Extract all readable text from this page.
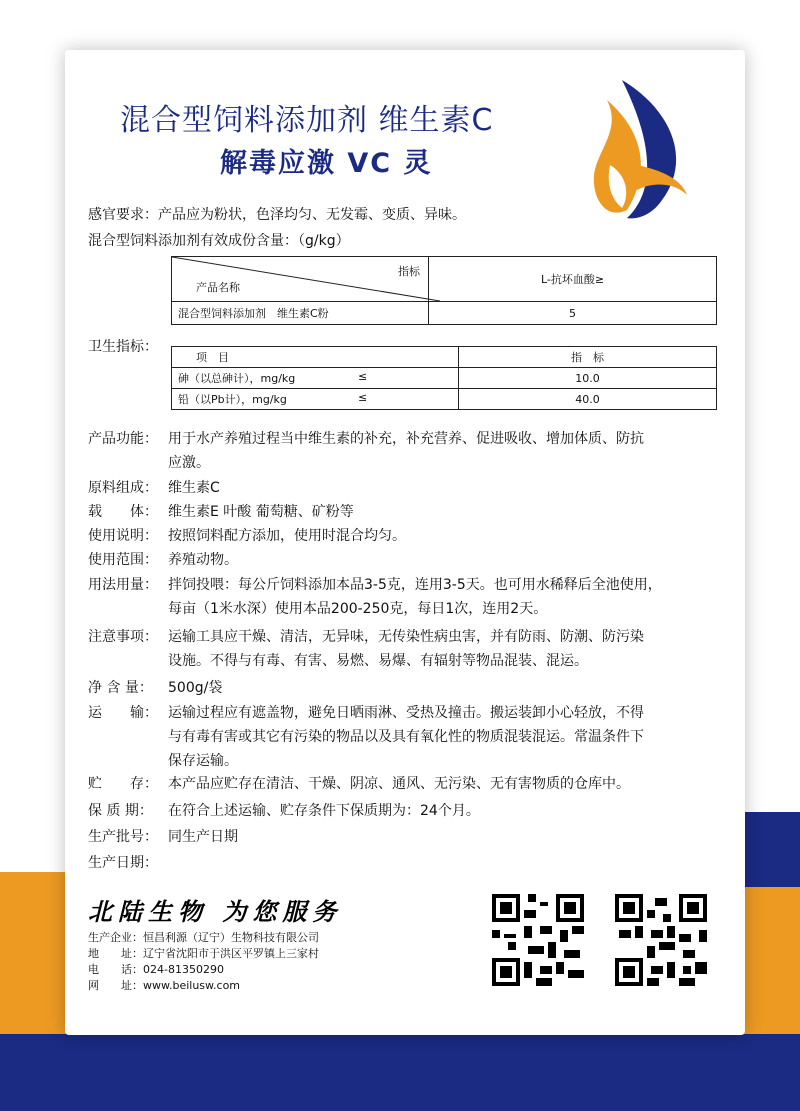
混合型饲料添加剂 维生素C
解毒应激 VC 灵
感官要求：产品应为粉状，色泽均匀、无发霉、变质、异味。
混合型饲料添加剂有效成份含量：（g/kg）
指标
产品名称	L-抗坏血酸≥
混合型饲料添加剂　维生素C粉	5
卫生指标：
项　目	指　标
砷（以总砷计），mg/kg ≤	10.0
铅（以Pb计），mg/kg ≤	40.0
产品功能： 用于水产养殖过程当中维生素的补充，补充营养、促进吸收、增加体质、防抗
应激。
原料组成： 维生素C
载　　体： 维生素E 叶酸 葡萄糖、矿粉等
使用说明： 按照饲料配方添加，使用时混合均匀。
使用范围： 养殖动物。
用法用量： 拌饲投喂：每公斤饲料添加本品3-5克，连用3-5天。也可用水稀释后全池使用，
每亩（1米水深）使用本品200-250克，每日1次，连用2天。
注意事项： 运输工具应干燥、清洁，无异味，无传染性病虫害，并有防雨、防潮、防污染
设施。不得与有毒、有害、易燃、易爆、有辐射等物品混装、混运。
净 含 量： 500g/袋
运　　输： 运输过程应有遮盖物，避免日晒雨淋、受热及撞击。搬运装卸小心轻放，不得
与有毒有害或其它有污染的物品以及具有氧化性的物质混装混运。常温条件下
保存运输。
贮　　存： 本产品应贮存在清洁、干燥、阴凉、通风、无污染、无有害物质的仓库中。
保 质 期： 在符合上述运输、贮存条件下保质期为：24个月。
生产批号： 同生产日期
生产日期：
北陆生物 为您服务
生产企业：恒昌利源（辽宁）生物科技有限公司
地　　址：辽宁省沈阳市于洪区平罗镇上三家村
电　　话：024-81350290
网　　址：www.beilusw.com
